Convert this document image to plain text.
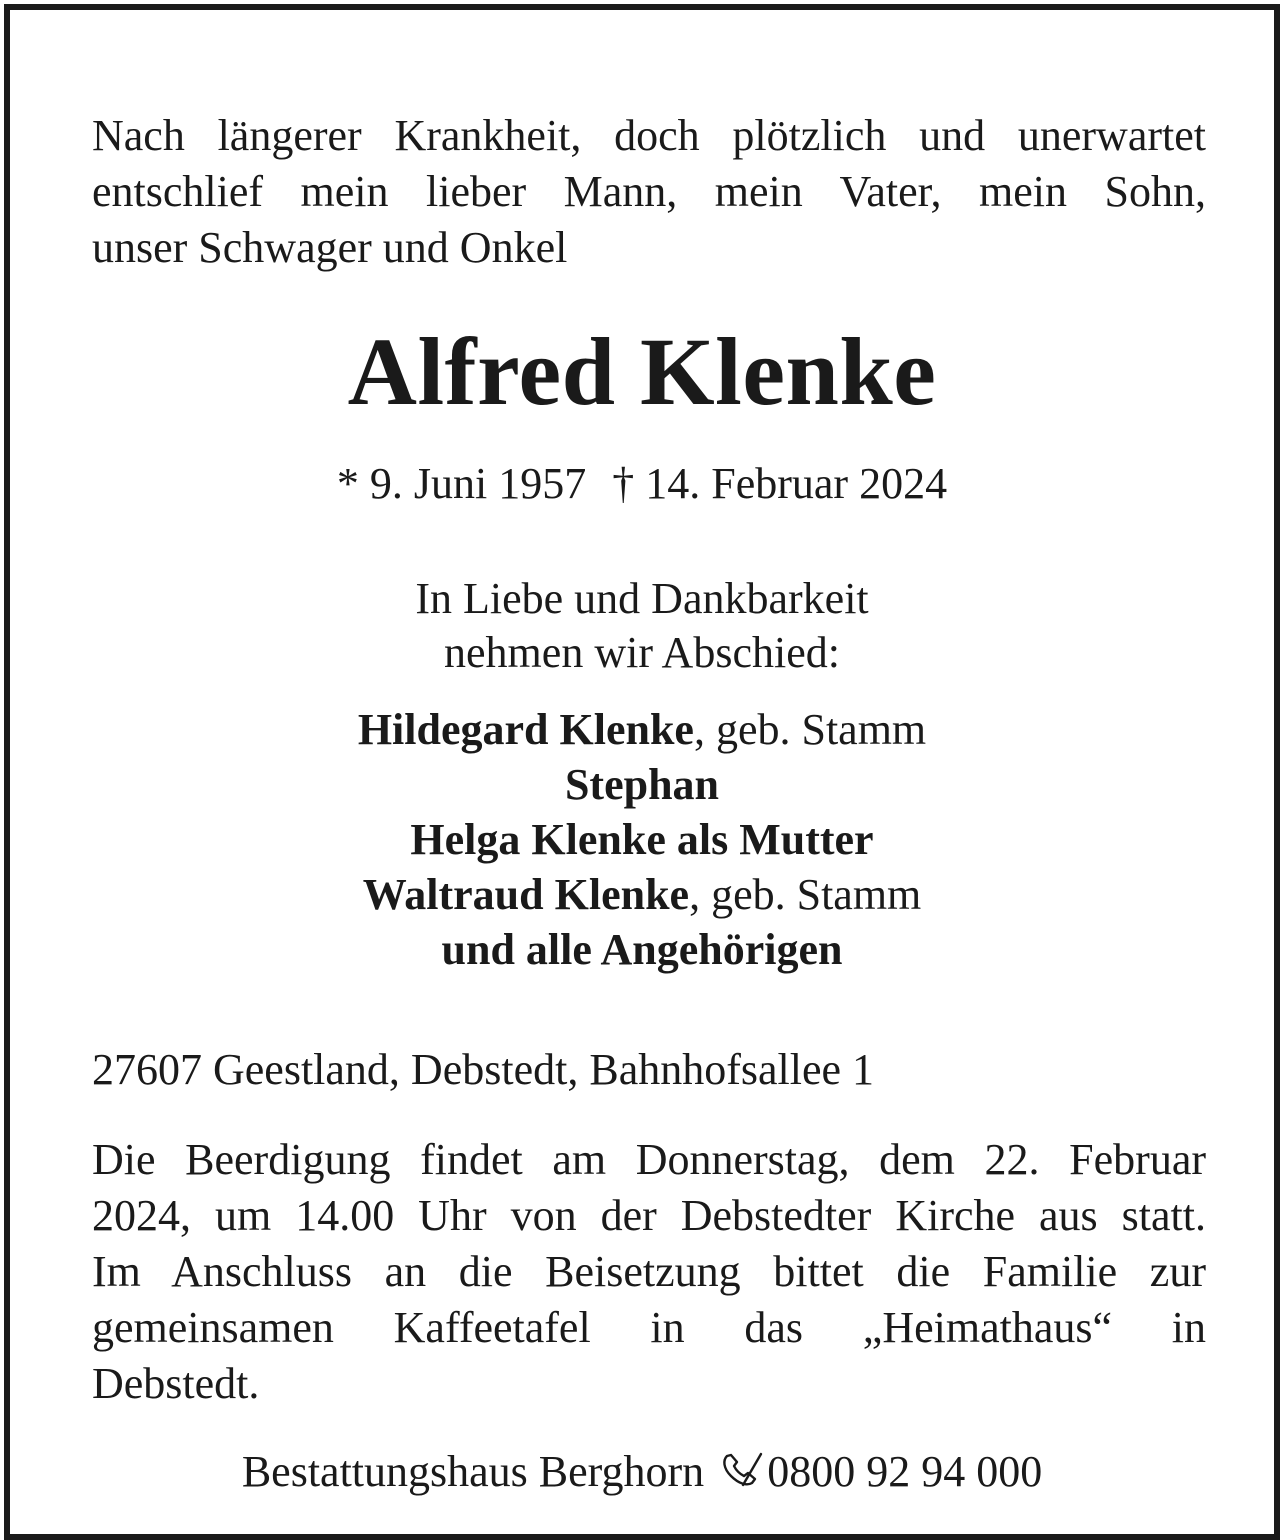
Nach längerer Krankheit, doch plötzlich und unerwartet
entschlief mein lieber Mann, mein Vater, mein Sohn,
unser Schwager und Onkel

Alfred Klenke
* 9. Juni 1957 † 14. Februar 2024
In Liebe und Dankbarkeit
nehmen wir Abschied:
Hildegard Klenke, geb. Stamm
Stephan
Helga Klenke als Mutter
Waltraud Klenke, geb. Stamm
und alle Angehörigen
27607 Geestland, Debstedt, Bahnhofsallee 1

Die Beerdigung findet am Donnerstag, dem 22. Februar
2024, um 14.00 Uhr von der Debstedter Kirche aus statt.
Im Anschluss an die Beisetzung bittet die Familie zur
gemeinsamen Kaffeetafel in das „Heimathaus“ in
Debstedt.

Bestattungshaus Berghorn 0800 92 94 000
